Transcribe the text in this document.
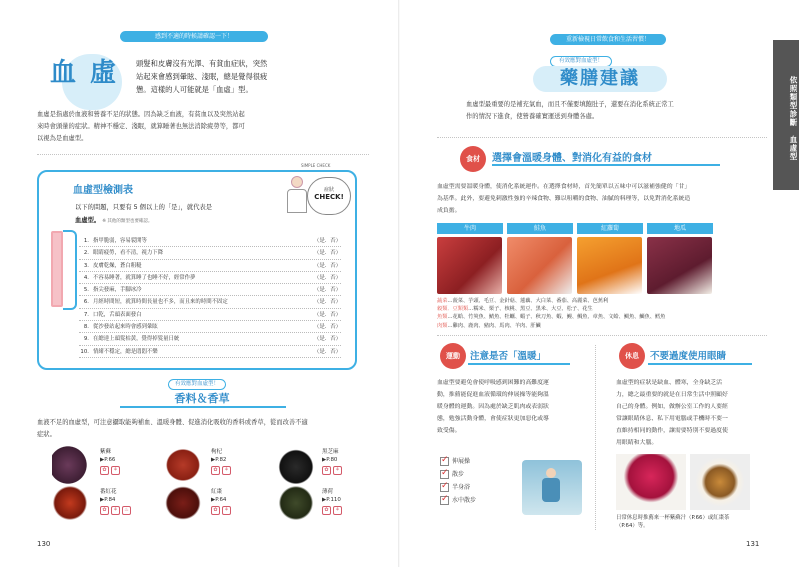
感到不適的時候請確認一下！
血虛 頭髮和皮膚沒有光澤、有貧血症狀，突然
站起來會感到暈眩、淺眠，總是覺得很疲
憊。這樣的人可能就是「血虛」型。
血虛是指處於血液和營養不足的狀態。因為缺乏血液，有貧血以及突然站起
來時會頭暈的症狀。精神不穩定、淺眠，就算睡著也無法消除疲勞等，都可
以視為是血虛型。
血虛型檢測表
以下的問題，只要有 5 個以上的「是」，就代表是
血虛型。 ※ 其他的類型也要確認。
SIMPLE CHECK
症狀
CHECK!
1. 指甲脆弱，容易裂開等	（是．否）
2. 眼睛疲勞，看不清，視力下降	（是．否）
3. 皮膚乾燥，蒼白粗糙	（是．否）
4. 不容易睡著，就算睡了也睡不好，經常作夢	（是．否）
5. 指尖發麻，手腳冰冷	（是．否）
6. 月經時間短，就算時間長量也不多，而且來的時間不固定	（是．否）
7. 口乾，舌頭表面發白	（是．否）
8. 從沙發站起來時會感到暈眩	（是．否）
9. 在總達上頭髮枯黃，覺得掉髮量日統	（是．否）
10. 情緒不穩定，總是悶悶不樂	（是．否）
有效應對血虛型！
香料＆香草
血液不足的血虛型，可注意攝取能夠補血、溫暖身體、促進消化吸收的香料或香草，從而改善不適
症狀。
紫蘇
▶P.66
✿	⚘
枸杞
▶P.82
✿	⚘
黑芝麻
▶P.80
✿	⚘
番紅花
▶P.84
✿	⚘	♨
紅棗
▶P.64
✿	⚘
薄荷
▶P.110
✿	⚘
130
重新檢視日常飲食和生活習慣！
有效應對血虛型！
藥膳建議
血虛型最重要的是補充氣血，而且不僅要填飽肚子，還要在消化系統正常工
作的情況下進食，使營養確實運送到身體各處。	依照類型診斷　血虛型
食材	選擇會溫暖身體、對消化有益的食材
血虛型需要溫暖身體，使消化系統運作。在選擇食材時，首先簡單以五味中可以滋補強健的「甘」
為基準。此外，要避免刺激性強的辛辣食物、難以咀嚼的食物、油膩的料理等，以免對消化系統造
成負擔。
牛肉	鮭魚	紅蘿蔔	地瓜
蔬菜…菠菜、芋頭、毛豆、金針菇、蓮藕、大白菜、番茄、高麗菜、芭蕉利
穀類．豆類類…糯米、栗子、核桃、黑豆、黑米、大豆、松子、花生
魚類…花蛤、竹筴魚、鯖魚、牡蠣、蝦子、秋刀魚、蝦、鰻、鯛魚、章魚、文蛤、鯛魚、鰤魚、鱈魚
肉類…雞肉、鹿肉、豬肉、馬肉、羊肉、肝臟
運動	注意是否「溫暖」
血虛型要避免會使呼吸感到困難的高難度運
動，推薦能促進血液循環的伸展操等能夠溫
暖身體的運動。因為處於缺乏肌肉或表弱狀
態，勉強活動身體，會使症狀更加惡化或導
致受傷。
✓
伸展操
✓
散步
✓
半身浴
✓
水中散步
休息	不要過度使用眼睛
血虛型的症狀是缺血、體寒，全身缺乏活
力，總之最重要的就是在日常生活中照顧好
自己的身體。例如，做辦公室工作的人要經
常讓眼睛休息、私下用電腦或手機時不要一
直維持相同的動作，讓需要特別不要過度使
用眼睛和大腦。
日常休息時推薦來一杯紫蘇汁（P.66）或紅棗茶
（P.64）等。
131
